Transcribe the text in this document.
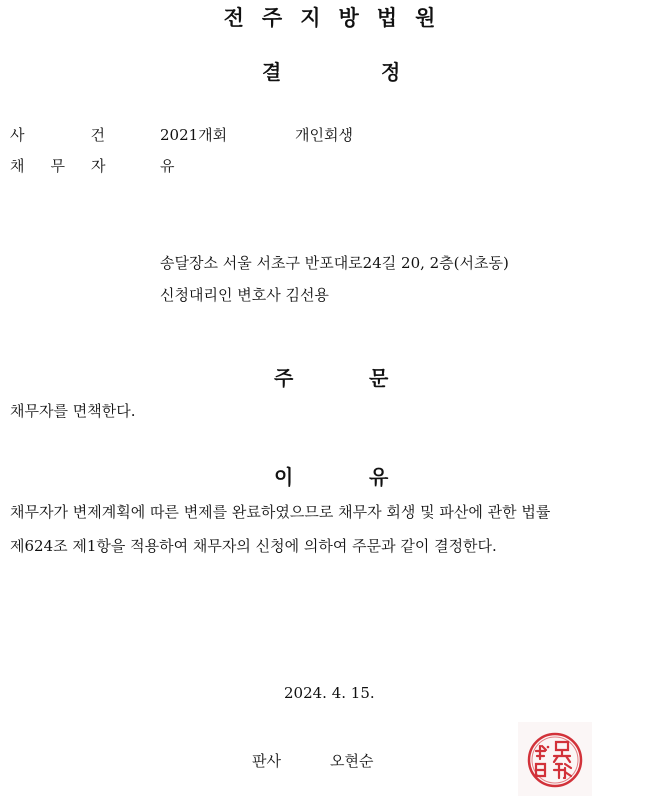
전주지방법원
결	정
사	건	2021개회	개인회생
채 무 자	유
송달장소 서울 서초구 반포대로24길 20, 2층(서초동)
신청대리인 변호사 김선용
주	문
채무자를 면책한다.
이	유
채무자가 변제계획에 따른 변제를 완료하였으므로 채무자 회생 및 파산에 관한 법률
제624조 제1항을 적용하여 채무자의 신청에 의하여 주문과 같이 결정한다.
2024. 4. 15.
판사	오현순
